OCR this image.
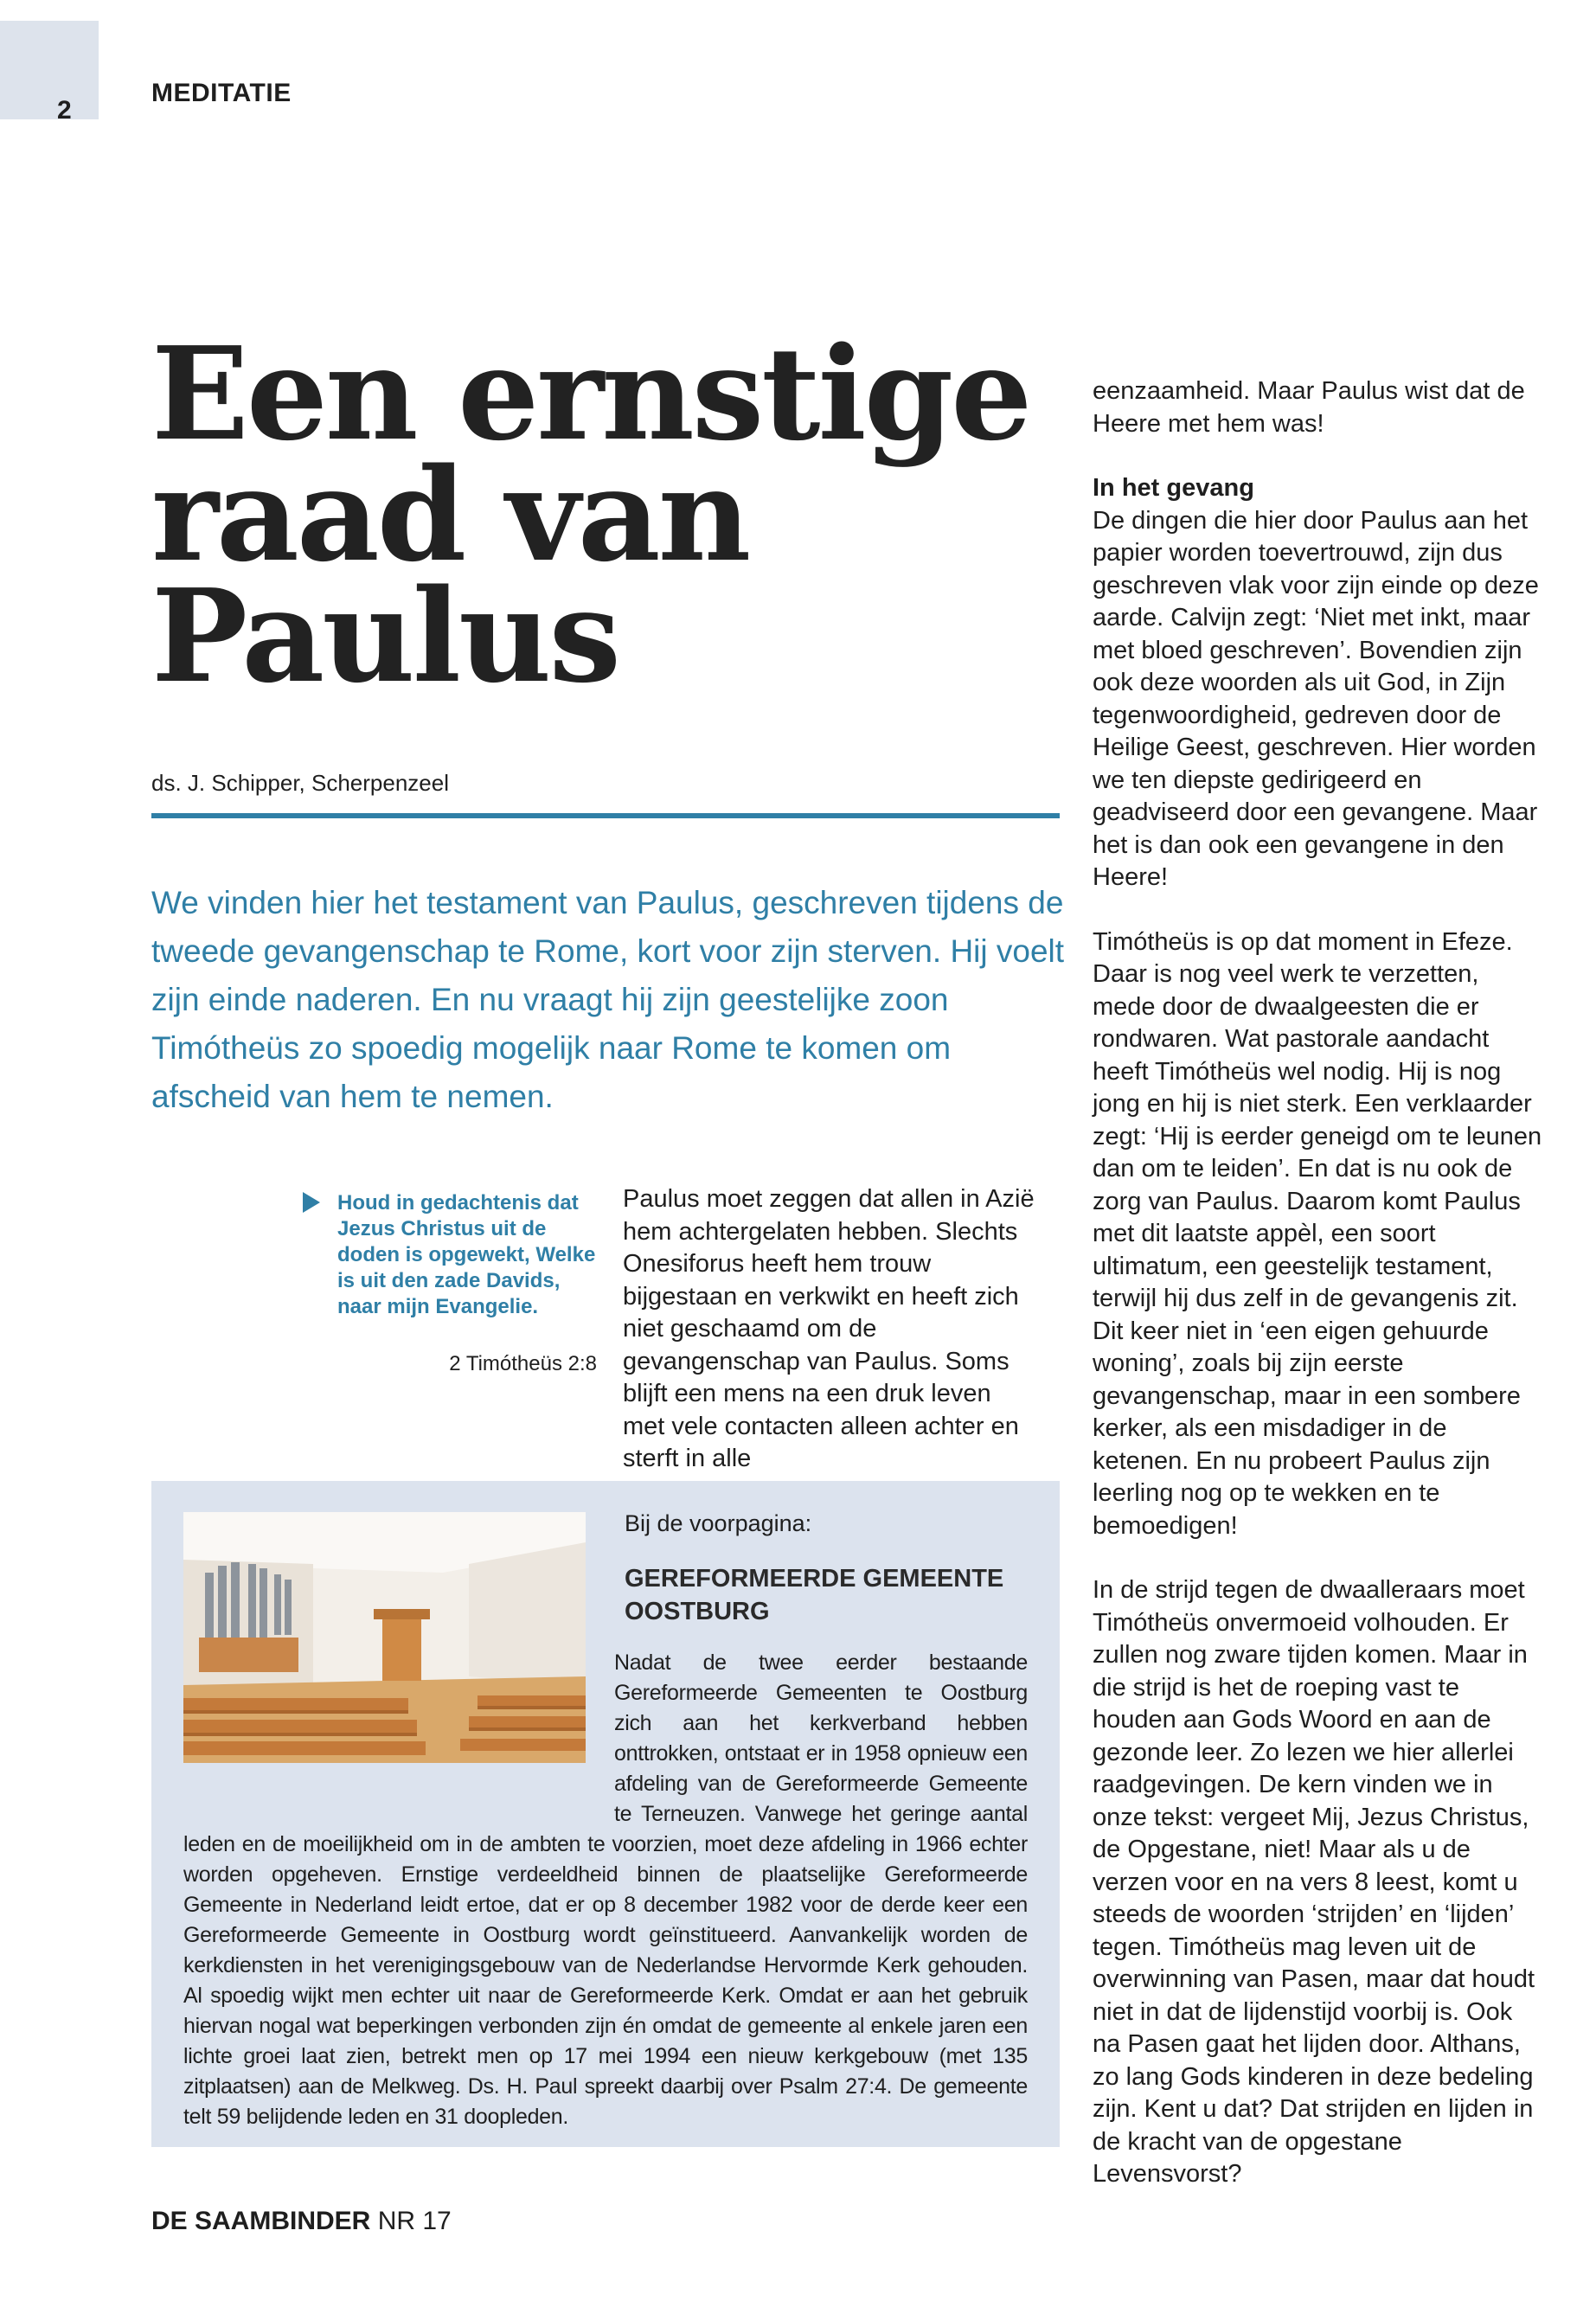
2
MEDITATIE
Een ernstige
raad van
Paulus
ds. J. Schipper, Scherpenzeel

We vinden hier het testament van Paulus, geschreven tijdens de tweede gevangenschap te Rome, kort voor zijn sterven. Hij voelt zijn einde naderen. En nu vraagt hij zijn geestelijke zoon Timótheüs zo spoedig mogelijk naar Rome te komen om afscheid van hem te nemen.

Houd in gedachtenis dat Jezus Christus uit de doden is opgewekt, Welke is uit den zade Davids, naar mijn Evangelie.
2 Timótheüs 2:8

Paulus moet zeggen dat allen in Azië hem achtergelaten hebben. Slechts Onesiforus heeft hem trouw bijgestaan en verkwikt en heeft zich niet geschaamd om de gevangenschap van Paulus. Soms blijft een mens na een druk leven met vele contacten alleen achter en sterft in alle

eenzaamheid. Maar Paulus wist dat de Heere met hem was!

In het gevang

De dingen die hier door Paulus aan het papier worden toevertrouwd, zijn dus geschreven vlak voor zijn einde op deze aarde. Calvijn zegt: ‘Niet met inkt, maar met bloed geschreven’. Bovendien zijn ook deze woorden als uit God, in Zijn tegenwoordigheid, gedreven door de Heilige Geest, geschreven. Hier worden we ten diepste gedirigeerd en geadviseerd door een gevangene. Maar het is dan ook een gevangene in den Heere!

Timótheüs is op dat moment in Efeze. Daar is nog veel werk te verzetten, mede door de dwaalgeesten die er rondwaren. Wat pastorale aandacht heeft Timótheüs wel nodig. Hij is nog jong en hij is niet sterk. Een verklaarder zegt: ‘Hij is eerder geneigd om te leunen dan om te leiden’. En dat is nu ook de zorg van Paulus. Daarom komt Paulus met dit laatste appèl, een soort ultimatum, een geestelijk testament, terwijl hij dus zelf in de gevangenis zit. Dit keer niet in ‘een eigen gehuurde woning’, zoals bij zijn eerste gevangenschap, maar in een sombere kerker, als een misdadiger in de ketenen. En nu probeert Paulus zijn leerling nog op te wekken en te bemoedigen!

In de strijd tegen de dwaalleraars moet Timótheüs onvermoeid volhouden. Er zullen nog zware tijden komen. Maar in die strijd is het de roeping vast te houden aan Gods Woord en aan de gezonde leer. Zo lezen we hier allerlei raadgevingen. De kern vinden we in onze tekst: vergeet Mij, Jezus Christus, de Opgestane, niet! Maar als u de verzen voor en na vers 8 leest, komt u steeds de woorden ‘strijden’ en ‘lijden’ tegen. Timótheüs mag leven uit de overwinning van Pasen, maar dat houdt niet in dat de lijdenstijd voorbij is. Ook na Pasen gaat het lijden door. Althans, zo lang Gods kinderen in deze bedeling zijn. Kent u dat? Dat strijden en lijden in de kracht van de opgestane Levensvorst?

Bij de voorpagina:
GEREFORMEERDE GEMEENTE OOSTBURG
Nadat de twee eerder bestaande Gereformeerde Gemeenten te Oostburg zich aan het kerkverband hebben onttrokken, ontstaat er in 1958 opnieuw een afdeling van de Gereformeerde Gemeente te Terneuzen. Vanwege het geringe aantal leden en de moeilijkheid om in de ambten te voorzien, moet deze afdeling in 1966 echter worden opgeheven. Ernstige verdeeldheid binnen de plaatselijke Gereformeerde Gemeente in Nederland leidt ertoe, dat er op 8 december 1982 voor de derde keer een Gereformeerde Gemeente in Oostburg wordt geïnstitueerd. Aanvankelijk worden de kerkdiensten in het verenigingsgebouw van de Nederlandse Hervormde Kerk gehouden. Al spoedig wijkt men echter uit naar de Gereformeerde Kerk. Omdat er aan het gebruik hiervan nogal wat beperkingen verbonden zijn én omdat de gemeente al enkele jaren een lichte groei laat zien, betrekt men op 17 mei 1994 een nieuw kerkgebouw (met 135 zitplaatsen) aan de Melkweg. Ds. H. Paul spreekt daarbij over Psalm 27:4. De gemeente telt 59 belijdende leden en 31 doopleden.
DE SAAMBINDER NR 17
